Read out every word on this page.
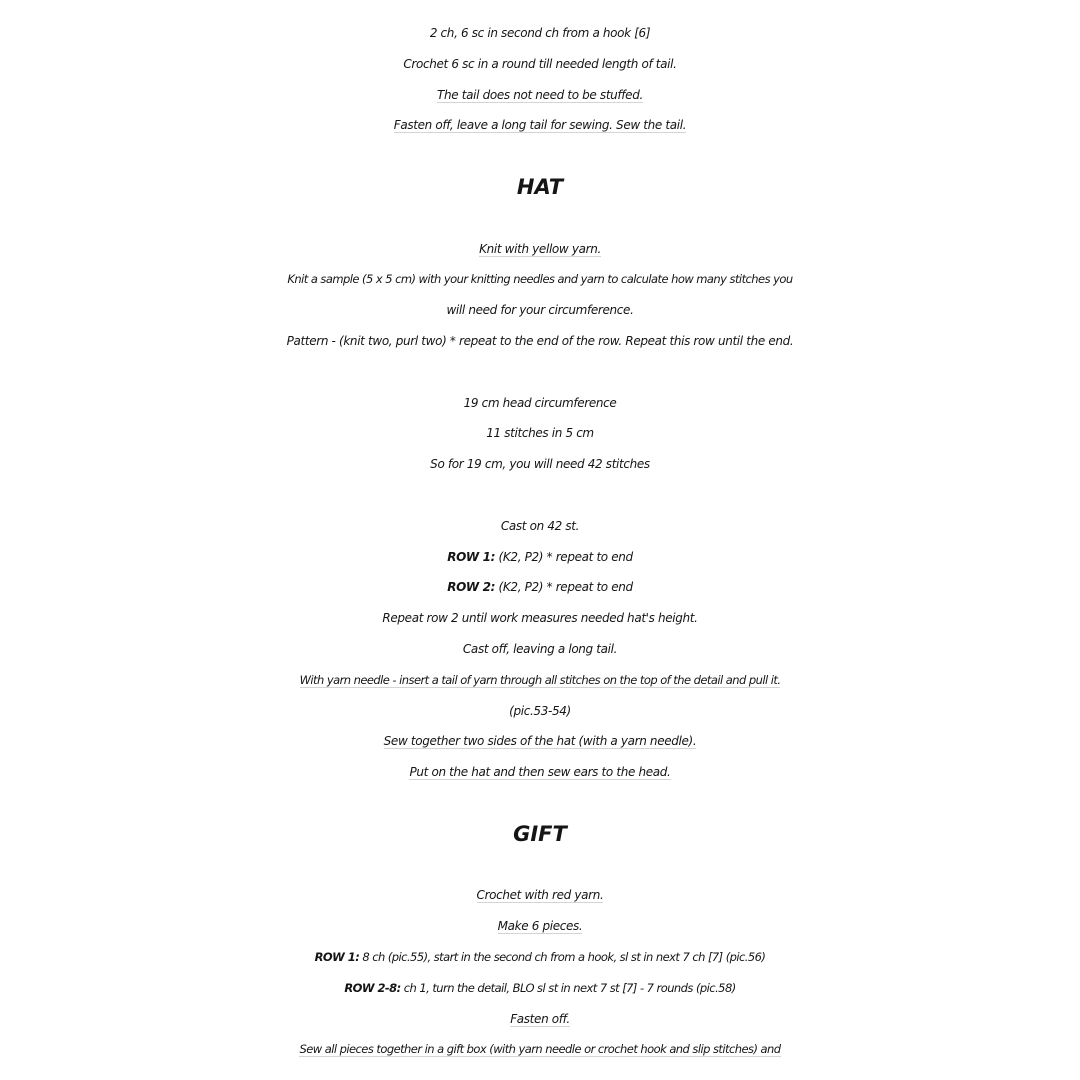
2 ch, 6 sc in second ch from a hook [6]
Crochet 6 sc in a round till needed length of tail.
The tail does not need to be stuffed.
Fasten off, leave a long tail for sewing. Sew the tail.
HAT
Knit with yellow yarn.
Knit a sample (5 x 5 cm) with your knitting needles and yarn to calculate how many stitches you
will need for your circumference.
Pattern - (knit two, purl two) * repeat to the end of the row. Repeat this row until the end.
19 cm head circumference
11 stitches in 5 cm
So for 19 cm, you will need 42 stitches
Cast on 42 st.
ROW 1: (K2, P2) * repeat to end
ROW 2: (K2, P2) * repeat to end
Repeat row 2 until work measures needed hat's height.
Cast off, leaving a long tail.
With yarn needle - insert a tail of yarn through all stitches on the top of the detail and pull it.
(pic.53-54)
Sew together two sides of the hat (with a yarn needle).
Put on the hat and then sew ears to the head.
GIFT
Crochet with red yarn.
Make 6 pieces.
ROW 1: 8 ch (pic.55), start in the second ch from a hook, sl st in next 7 ch [7] (pic.56)
ROW 2-8: ch 1, turn the detail, BLO sl st in next 7 st [7] - 7 rounds (pic.58)
Fasten off.
Sew all pieces together in a gift box (with yarn needle or crochet hook and slip stitches) and
